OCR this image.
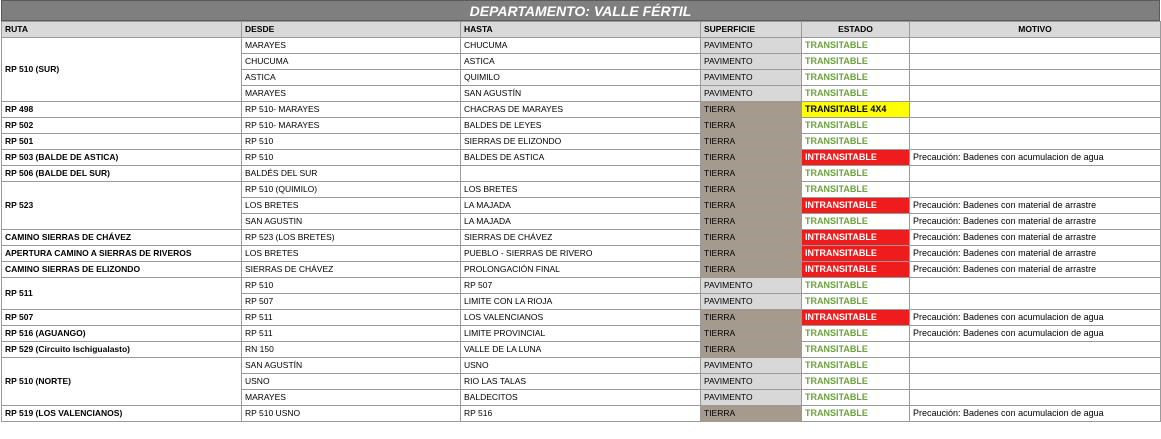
DEPARTAMENTO: VALLE FÉRTIL
RUTA	DESDE	HASTA	SUPERFICIE	ESTADO	MOTIVO
RP 510 (SUR)	MARAYES	CHUCUMA	PAVIMENTO	TRANSITABLE	
	CHUCUMA	ASTICA	PAVIMENTO	TRANSITABLE	
	ASTICA	QUIMILO	PAVIMENTO	TRANSITABLE	
	MARAYES	SAN AGUSTÍN	PAVIMENTO	TRANSITABLE	
RP 498	RP 510- MARAYES	CHACRAS DE MARAYES	TIERRA	TRANSITABLE 4X4	
RP 502	RP 510- MARAYES	BALDES DE LEYES	TIERRA	TRANSITABLE	
RP 501	RP 510	SIERRAS DE ELIZONDO	TIERRA	TRANSITABLE	
RP 503 (BALDE DE ASTICA)	RP 510	BALDES DE ASTICA	TIERRA	INTRANSITABLE	Precaución: Badenes con acumulacion de agua
RP 506 (BALDE DEL SUR)	BALDÉS DEL SUR		TIERRA	TRANSITABLE	
RP 523	RP 510 (QUIMILO)	LOS BRETES	TIERRA	TRANSITABLE	
	LOS BRETES	LA MAJADA	TIERRA	INTRANSITABLE	Precaución: Badenes con material de arrastre
	SAN AGUSTIN	LA MAJADA	TIERRA	TRANSITABLE	Precaución: Badenes con material de arrastre
CAMINO SIERRAS DE CHÁVEZ	RP 523 (LOS BRETES)	SIERRAS DE CHÁVEZ	TIERRA	INTRANSITABLE	Precaución: Badenes con material de arrastre
APERTURA CAMINO A SIERRAS DE RIVEROS	LOS BRETES	PUEBLO - SIERRAS DE RIVERO	TIERRA	INTRANSITABLE	Precaución: Badenes con material de arrastre
CAMINO SIERRAS DE ELIZONDO	SIERRAS DE CHÁVEZ	PROLONGACIÓN FINAL	TIERRA	INTRANSITABLE	Precaución: Badenes con material de arrastre
RP 511	RP 510	RP 507	PAVIMENTO	TRANSITABLE	
	RP 507	LIMITE CON LA RIOJA	PAVIMENTO	TRANSITABLE	
RP 507	RP 511	LOS VALENCIANOS	TIERRA	INTRANSITABLE	Precaución: Badenes con acumulacion de agua
RP 516 (AGUANGO)	RP 511	LIMITE PROVINCIAL	TIERRA	TRANSITABLE	Precaución: Badenes con acumulacion de agua
RP 529 (Circuito Ischigualasto)	RN 150	VALLE DE LA LUNA	TIERRA	TRANSITABLE	
RP 510 (NORTE)	SAN AGUSTÍN	USNO	PAVIMENTO	TRANSITABLE	
	USNO	RIO LAS TALAS	PAVIMENTO	TRANSITABLE	
	MARAYES	BALDECITOS	PAVIMENTO	TRANSITABLE	
RP 519 (LOS VALENCIANOS)	RP 510 USNO	RP 516	TIERRA	TRANSITABLE	Precaución: Badenes con acumulacion de agua
